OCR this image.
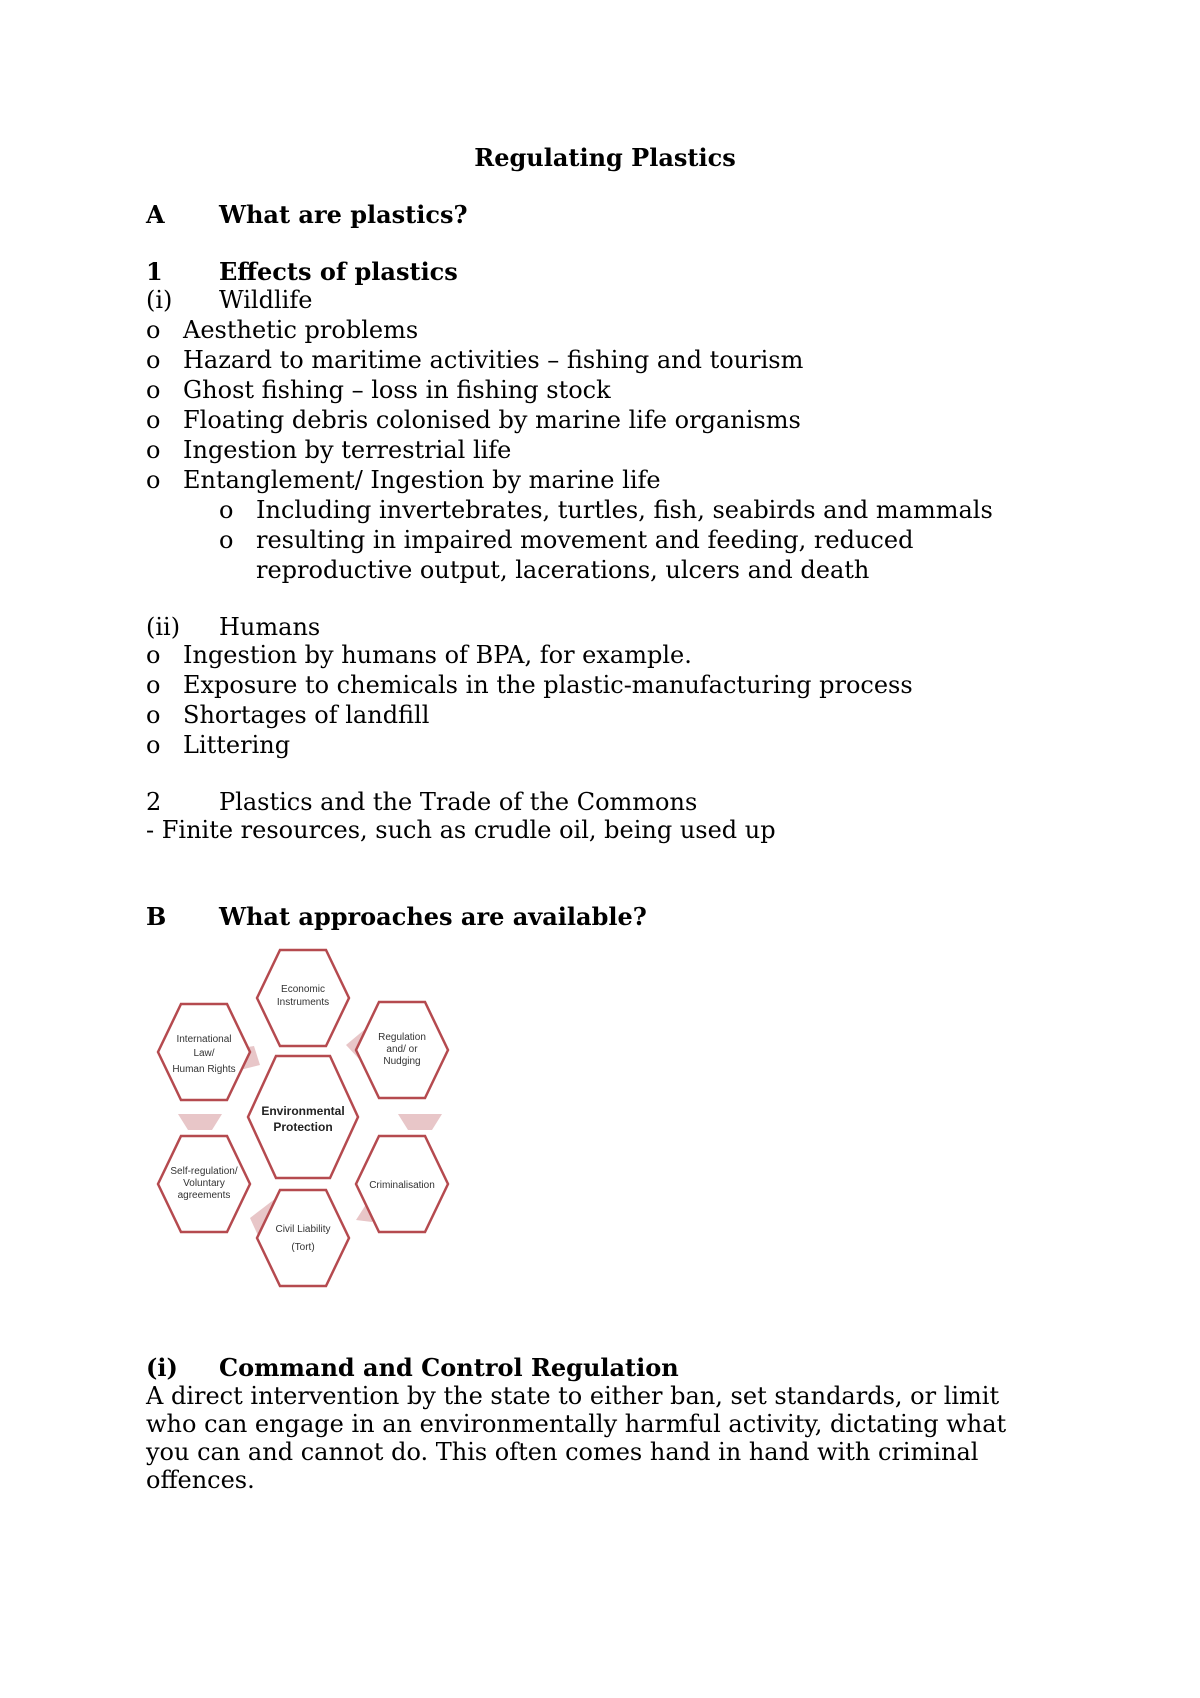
Regulating Plastics
A What are plastics?
1 Effects of plastics
(i) Wildlife
o Aesthetic problems
o Hazard to maritime activities – fishing and tourism
o Ghost fishing – loss in fishing stock
o Floating debris colonised by marine life organisms
o Ingestion by terrestrial life
o Entanglement/ Ingestion by marine life
o Including invertebrates, turtles, fish, seabirds and mammals
o resulting in impaired movement and feeding, reduced
reproductive output, lacerations, ulcers and death
(ii) Humans
o Ingestion by humans of BPA, for example.
o Exposure to chemicals in the plastic-manufacturing process
o Shortages of landfill
o Littering
2 Plastics and the Trade of the Commons
- Finite resources, such as crudle oil, being used up
B What approaches are available?
Economic
Instruments
Regulation
and/ or
Nudging
Criminalisation
Civil Liability
(Tort)
Self-regulation/
Voluntary
agreements
International
Law/
Human Rights
Environmental
Protection
(i) Command and Control Regulation
A direct intervention by the state to either ban, set standards, or limit
who can engage in an environmentally harmful activity, dictating what
you can and cannot do. This often comes hand in hand with criminal
offences.
